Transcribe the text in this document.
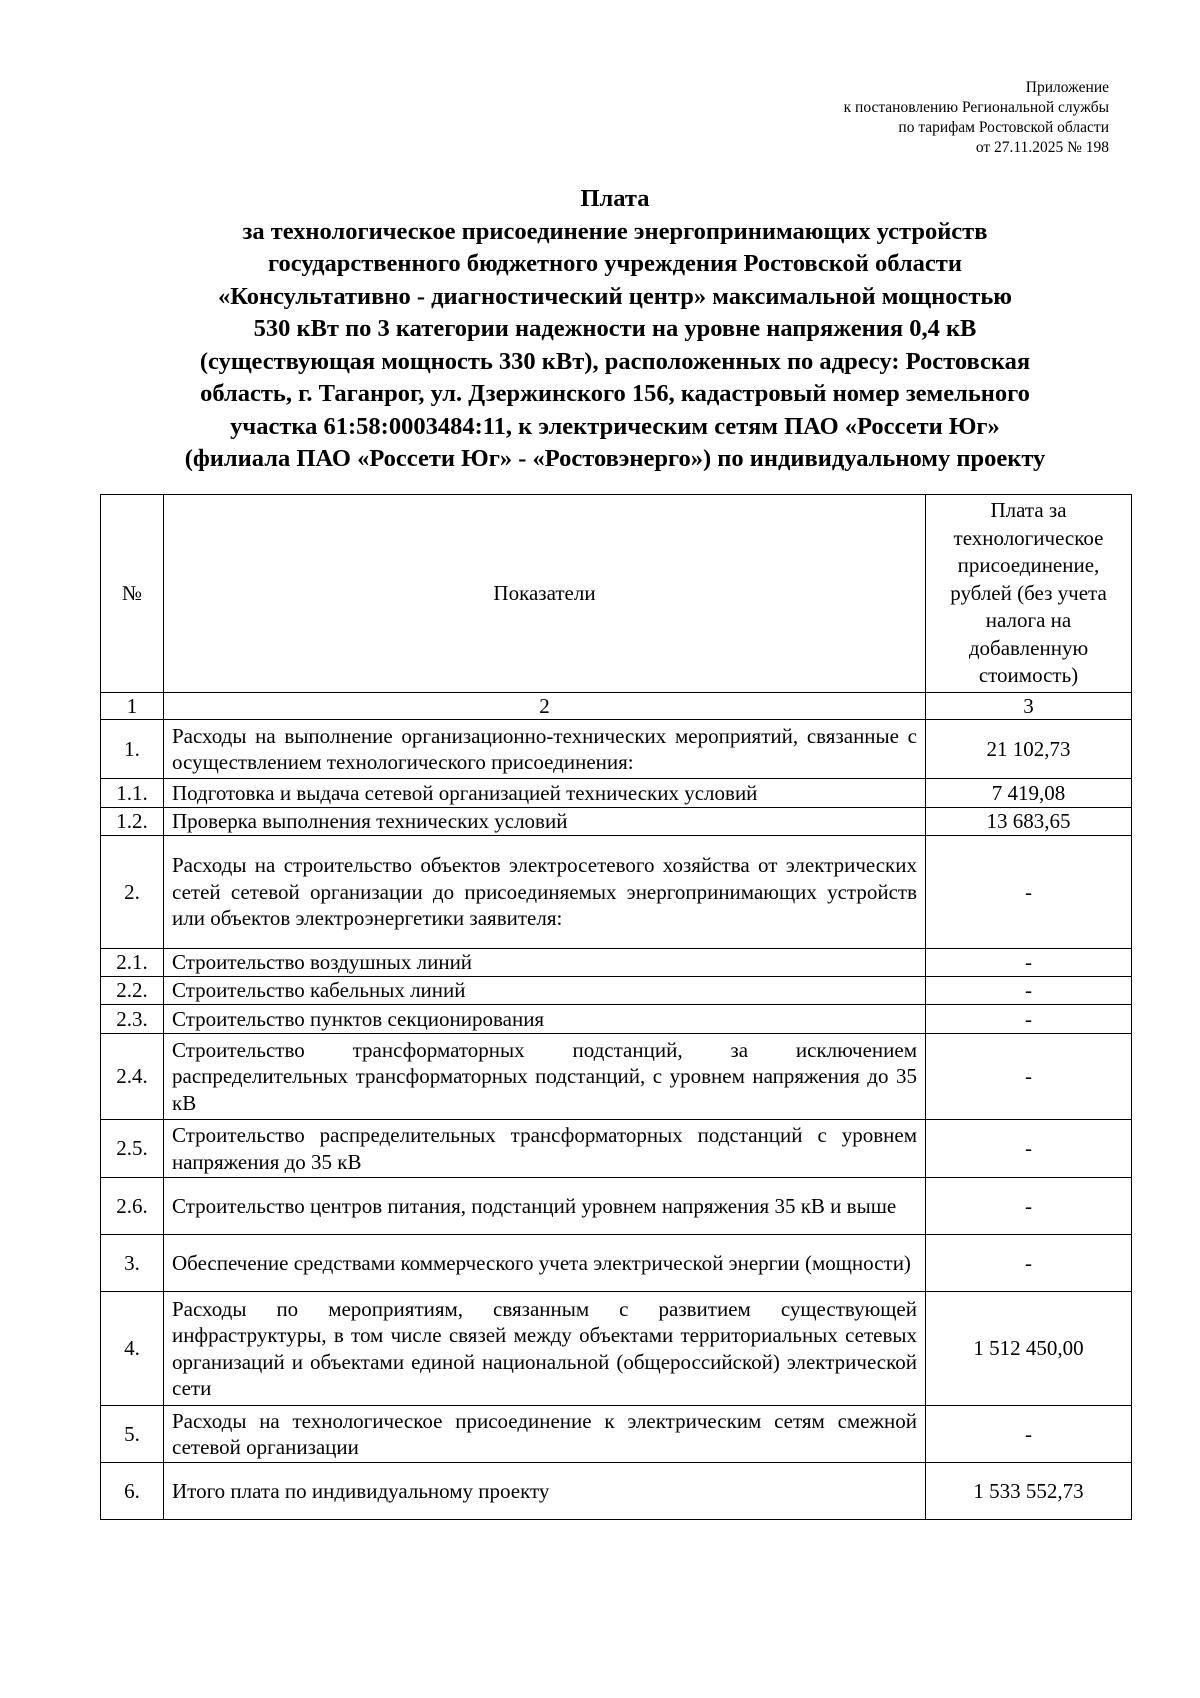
Приложение
к постановлению Региональной службы
по тарифам Ростовской области
от 27.11.2025 № 198
Плата
за технологическое присоединение энергопринимающих устройств
государственного бюджетного учреждения Ростовской области
«Консультативно - диагностический центр» максимальной мощностью
530 кВт по 3 категории надежности на уровне напряжения 0,4 кВ
(существующая мощность 330 кВт), расположенных по адресу: Ростовская
область, г. Таганрог, ул. Дзержинского 156, кадастровый номер земельного
участка 61:58:0003484:11, к электрическим сетям ПАО «Россети Юг»
(филиала ПАО «Россети Юг» - «Ростовэнерго») по индивидуальному проекту
№	Показатели	Плата за технологическое присоединение, рублей (без учета налога на добавленную стоимость)
1	2	3
1.	Расходы на выполнение организационно-технических мероприятий, связанные с осуществлением технологического присоединения:	21 102,73
1.1.	Подготовка и выдача сетевой организацией технических условий	7 419,08
1.2.	Проверка выполнения технических условий	13 683,65
2.	Расходы на строительство объектов электросетевого хозяйства от электрических сетей сетевой организации до присоединяемых энергопринимающих устройств или объектов электроэнергетики заявителя:	-
2.1.	Строительство воздушных линий	-
2.2.	Строительство кабельных линий	-
2.3.	Строительство пунктов секционирования	-
2.4.	Строительство трансформаторных подстанций, за исключением распределительных трансформаторных подстанций, с уровнем напряжения до 35 кВ	-
2.5.	Строительство распределительных трансформаторных подстанций с уровнем напряжения до 35 кВ	-
2.6.	Строительство центров питания, подстанций уровнем напряжения 35 кВ и выше	-
3.	Обеспечение средствами коммерческого учета электрической энергии (мощности)	-
4.	Расходы по мероприятиям, связанным с развитием существующей инфраструктуры, в том числе связей между объектами территориальных сетевых организаций и объектами единой национальной (общероссийской) электрической сети	1 512 450,00
5.	Расходы на технологическое присоединение к электрическим сетям смежной сетевой организации	-
6.	Итого плата по индивидуальному проекту	1 533 552,73
